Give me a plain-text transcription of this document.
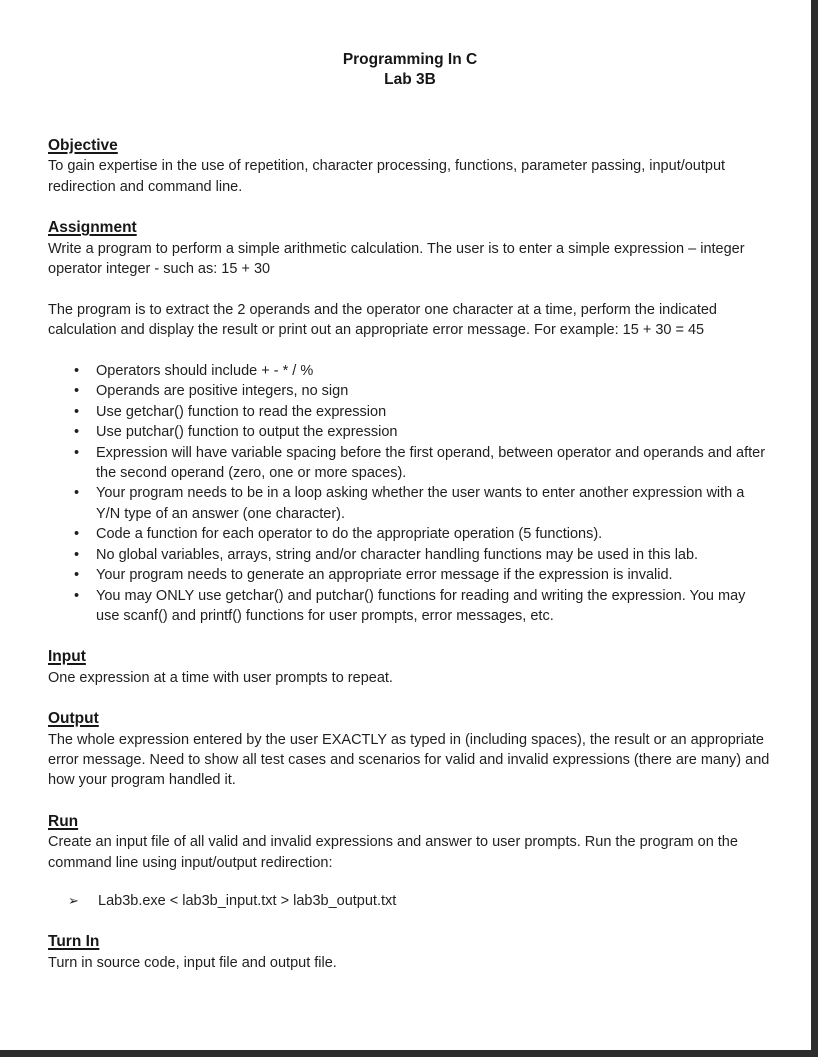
Programming In C
Lab 3B
Objective

To gain expertise in the use of repetition, character processing, functions, parameter passing, input/output redirection and command line.

Assignment

Write a program to perform a simple arithmetic calculation. The user is to enter a simple expression – integer operator integer - such as: 15 + 30

The program is to extract the 2 operands and the operator one character at a time, perform the indicated calculation and display the result or print out an appropriate error message. For example: 15 + 30 = 45

• Operators should include + - * / %
• Operands are positive integers, no sign
• Use getchar() function to read the expression
• Use putchar() function to output the expression
• Expression will have variable spacing before the first operand, between operator and operands and after the second operand (zero, one or more spaces).
• Your program needs to be in a loop asking whether the user wants to enter another expression with a Y/N type of an answer (one character).
• Code a function for each operator to do the appropriate operation (5 functions).
• No global variables, arrays, string and/or character handling functions may be used in this lab.
• Your program needs to generate an appropriate error message if the expression is invalid.
• You may ONLY use getchar() and putchar() functions for reading and writing the expression. You may use scanf() and printf() functions for user prompts, error messages, etc.
Input

One expression at a time with user prompts to repeat.

Output

The whole expression entered by the user EXACTLY as typed in (including spaces), the result or an appropriate error message. Need to show all test cases and scenarios for valid and invalid expressions (there are many) and how your program handled it.

Run

Create an input file of all valid and invalid expressions and answer to user prompts. Run the program on the command line using input/output redirection:

➢ Lab3b.exe < lab3b_input.txt > lab3b_output.txt
Turn In

Turn in source code, input file and output file.
